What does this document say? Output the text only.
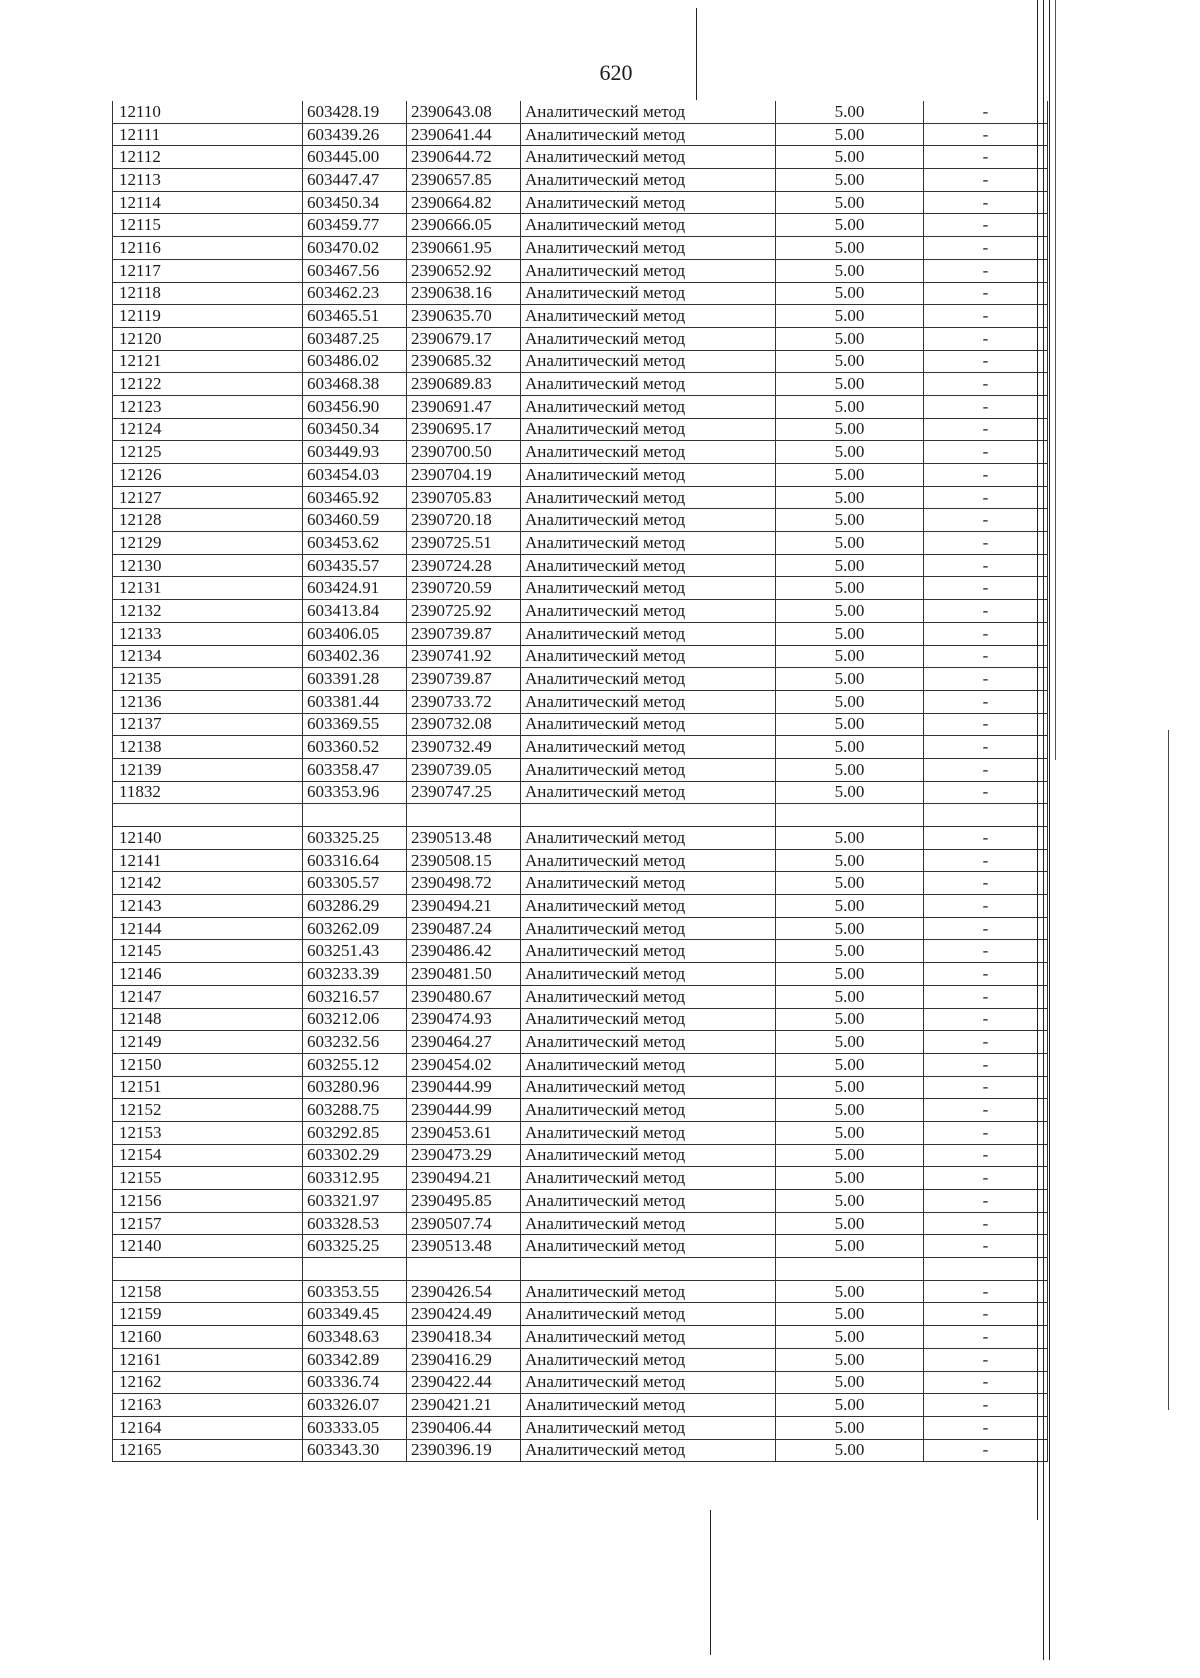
620
12110	603428.19	2390643.08	Аналитический метод	5.00	-
12111	603439.26	2390641.44	Аналитический метод	5.00	-
12112	603445.00	2390644.72	Аналитический метод	5.00	-
12113	603447.47	2390657.85	Аналитический метод	5.00	-
12114	603450.34	2390664.82	Аналитический метод	5.00	-
12115	603459.77	2390666.05	Аналитический метод	5.00	-
12116	603470.02	2390661.95	Аналитический метод	5.00	-
12117	603467.56	2390652.92	Аналитический метод	5.00	-
12118	603462.23	2390638.16	Аналитический метод	5.00	-
12119	603465.51	2390635.70	Аналитический метод	5.00	-
12120	603487.25	2390679.17	Аналитический метод	5.00	-
12121	603486.02	2390685.32	Аналитический метод	5.00	-
12122	603468.38	2390689.83	Аналитический метод	5.00	-
12123	603456.90	2390691.47	Аналитический метод	5.00	-
12124	603450.34	2390695.17	Аналитический метод	5.00	-
12125	603449.93	2390700.50	Аналитический метод	5.00	-
12126	603454.03	2390704.19	Аналитический метод	5.00	-
12127	603465.92	2390705.83	Аналитический метод	5.00	-
12128	603460.59	2390720.18	Аналитический метод	5.00	-
12129	603453.62	2390725.51	Аналитический метод	5.00	-
12130	603435.57	2390724.28	Аналитический метод	5.00	-
12131	603424.91	2390720.59	Аналитический метод	5.00	-
12132	603413.84	2390725.92	Аналитический метод	5.00	-
12133	603406.05	2390739.87	Аналитический метод	5.00	-
12134	603402.36	2390741.92	Аналитический метод	5.00	-
12135	603391.28	2390739.87	Аналитический метод	5.00	-
12136	603381.44	2390733.72	Аналитический метод	5.00	-
12137	603369.55	2390732.08	Аналитический метод	5.00	-
12138	603360.52	2390732.49	Аналитический метод	5.00	-
12139	603358.47	2390739.05	Аналитический метод	5.00	-
11832	603353.96	2390747.25	Аналитический метод	5.00	-

12140	603325.25	2390513.48	Аналитический метод	5.00	-
12141	603316.64	2390508.15	Аналитический метод	5.00	-
12142	603305.57	2390498.72	Аналитический метод	5.00	-
12143	603286.29	2390494.21	Аналитический метод	5.00	-
12144	603262.09	2390487.24	Аналитический метод	5.00	-
12145	603251.43	2390486.42	Аналитический метод	5.00	-
12146	603233.39	2390481.50	Аналитический метод	5.00	-
12147	603216.57	2390480.67	Аналитический метод	5.00	-
12148	603212.06	2390474.93	Аналитический метод	5.00	-
12149	603232.56	2390464.27	Аналитический метод	5.00	-
12150	603255.12	2390454.02	Аналитический метод	5.00	-
12151	603280.96	2390444.99	Аналитический метод	5.00	-
12152	603288.75	2390444.99	Аналитический метод	5.00	-
12153	603292.85	2390453.61	Аналитический метод	5.00	-
12154	603302.29	2390473.29	Аналитический метод	5.00	-
12155	603312.95	2390494.21	Аналитический метод	5.00	-
12156	603321.97	2390495.85	Аналитический метод	5.00	-
12157	603328.53	2390507.74	Аналитический метод	5.00	-
12140	603325.25	2390513.48	Аналитический метод	5.00	-

12158	603353.55	2390426.54	Аналитический метод	5.00	-
12159	603349.45	2390424.49	Аналитический метод	5.00	-
12160	603348.63	2390418.34	Аналитический метод	5.00	-
12161	603342.89	2390416.29	Аналитический метод	5.00	-
12162	603336.74	2390422.44	Аналитический метод	5.00	-
12163	603326.07	2390421.21	Аналитический метод	5.00	-
12164	603333.05	2390406.44	Аналитический метод	5.00	-
12165	603343.30	2390396.19	Аналитический метод	5.00	-
